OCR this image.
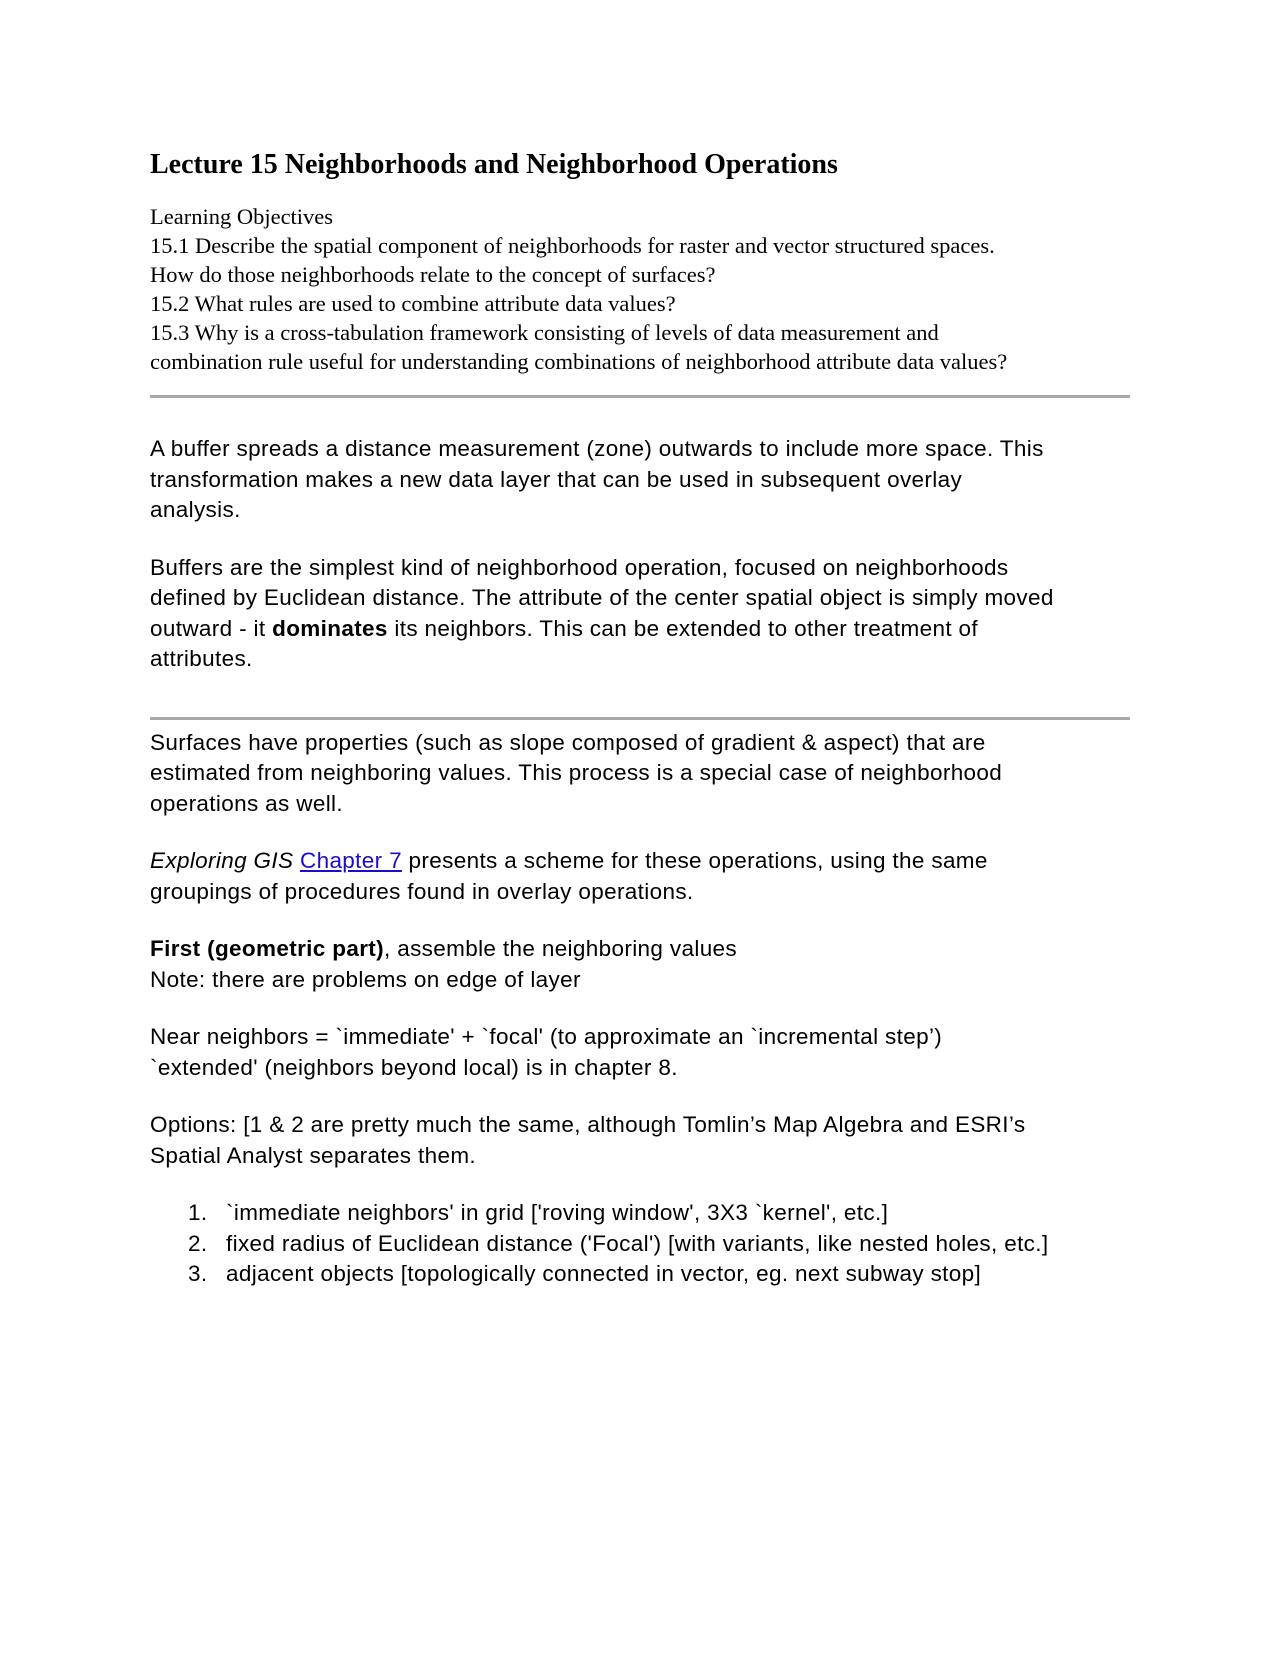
Lecture 15 Neighborhoods and Neighborhood Operations
Learning Objectives
15.1 Describe the spatial component of neighborhoods for raster and vector structured spaces.
How do those neighborhoods relate to the concept of surfaces?
15.2 What rules are used to combine attribute data values?
15.3 Why is a cross-tabulation framework consisting of levels of data measurement and
combination rule useful for understanding combinations of neighborhood attribute data values?

A buffer spreads a distance measurement (zone) outwards to include more space. This
transformation makes a new data layer that can be used in subsequent overlay
analysis.

Buffers are the simplest kind of neighborhood operation, focused on neighborhoods
defined by Euclidean distance. The attribute of the center spatial object is simply moved
outward - it dominates its neighbors. This can be extended to other treatment of
attributes.

Surfaces have properties (such as slope composed of gradient & aspect) that are
estimated from neighboring values. This process is a special case of neighborhood
operations as well.

Exploring GIS Chapter 7 presents a scheme for these operations, using the same
groupings of procedures found in overlay operations.

First (geometric part), assemble the neighboring values
Note: there are problems on edge of layer

Near neighbors = `immediate' + `focal' (to approximate an `incremental step’)
`extended' (neighbors beyond local) is in chapter 8.

Options: [1 & 2 are pretty much the same, although Tomlin’s Map Algebra and ESRI’s
Spatial Analyst separates them.

1. `immediate neighbors' in grid ['roving window', 3X3 `kernel', etc.]
2. fixed radius of Euclidean distance ('Focal') [with variants, like nested holes, etc.]
3. adjacent objects [topologically connected in vector, eg. next subway stop]
